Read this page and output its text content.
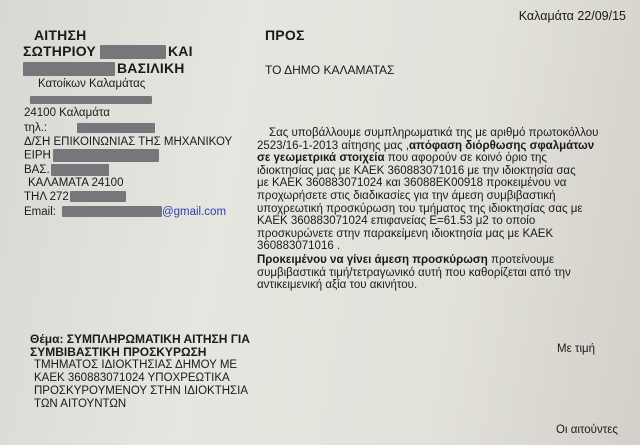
Καλαμάτα 22/09/15
ΑΙΤΗΣΗ
ΣΩΤΗΡΙΟΥ	ΚΑΙ
ΒΑΣΙΛΙΚΗ
Κατοίκων Καλαμάτας
24100 Καλαμάτα
τηλ.:
Δ/ΣΗ ΕΠΙΚΟΙΝΩΝΙΑΣ ΤΗΣ ΜΗΧΑΝΙΚΟΥ
ΕΙΡΗ
ΒΑΣ.
ΚΑΛΑΜΑΤΑ 24100
ΤΗΛ 272
Email:	@gmail.com
ΠΡΟΣ
ΤΟ ΔΗΜΟ ΚΑΛΑΜΑΤΑΣ
Σας υποβάλλουμε συμπληρωματικά της με αριθμό πρωτοκόλλου
2523/16-1-2013 αίτησης μας ,απόφαση διόρθωσης σφαλμάτων
σε γεωμετρικά στοιχεία που αφορούν σε κοινό όριο της
ιδιοκτησίας μας με ΚΑΕΚ 360883071016 με την ιδιοκτησία σας
με ΚΑΕΚ 360883071024 και 36088ΕΚ00918 προκειμένου να
προχωρήσετε στις διαδικασίες για την άμεση συμβιβαστική
υποχρεωτική προσκύρωση του τμήματος της ιδιοκτησίας σας με
ΚΑΕΚ 360883071024 επιφανείας Ε=61.53 μ2 το οποίο
προσκυρώνετε στην παρακείμενη ιδιοκτησία μας με ΚΑΕΚ
360883071016 .
Προκειμένου να γίνει άμεση προσκύρωση προτείνουμε
συμβιβαστικά τιμή/τετραγωνικό αυτή που καθορίζεται από την
αντικειμενική αξία του ακινήτου.
Με τιμή
Οι αιτούντες
Θέμα: ΣΥΜΠΛΗΡΩΜΑΤΙΚΗ ΑΙΤΗΣΗ ΓΙΑ
ΣΥΜΒΙΒΑΣΤΙΚΗ ΠΡΟΣΚΥΡΩΣΗ
ΤΜΗΜΑΤΟΣ ΙΔΙΟΚΤΗΣΙΑΣ ΔΗΜΟΥ ΜΕ
ΚΑΕΚ 360883071024 ΥΠΟΧΡΕΩΤΙΚΑ
ΠΡΟΣΚΥΡΟΥΜΕΝΟΥ ΣΤΗΝ ΙΔΙΟΚΤΗΣΙΑ
ΤΩΝ ΑΙΤΟΥΝΤΩΝ
